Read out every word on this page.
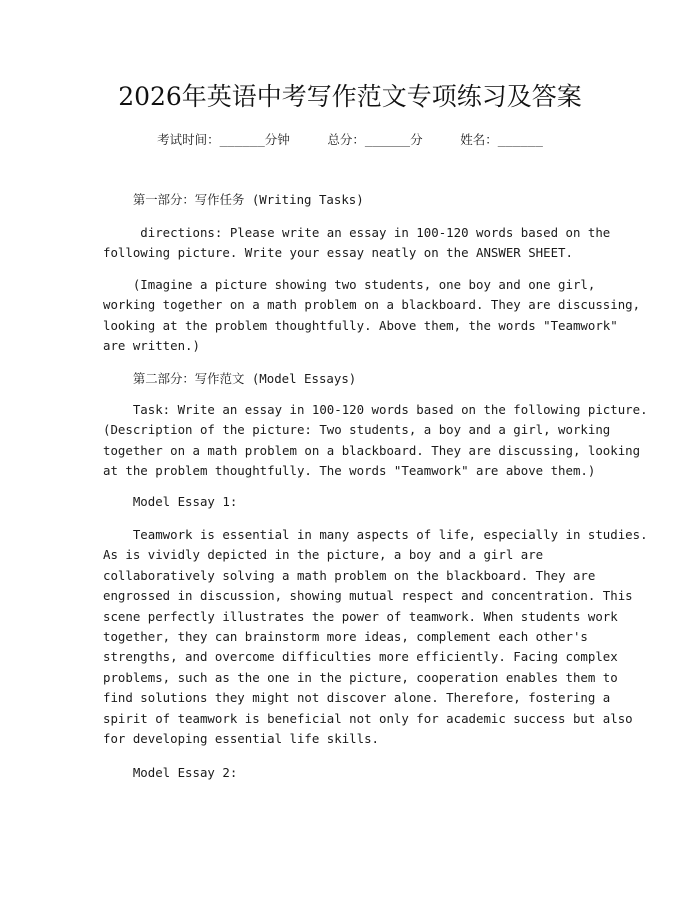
2026年英语中考写作范文专项练习及答案
考试时间：______分钟     总分：______分     姓名：______

第一部分：写作任务 (Writing Tasks)

directions: Please write an essay in 100-120 words based on the
following picture. Write your essay neatly on the ANSWER SHEET.

(Imagine a picture showing two students, one boy and one girl,
working together on a math problem on a blackboard. They are discussing,
looking at the problem thoughtfully. Above them, the words "Teamwork"
are written.)

第二部分：写作范文 (Model Essays)

Task: Write an essay in 100-120 words based on the following picture.
(Description of the picture: Two students, a boy and a girl, working
together on a math problem on a blackboard. They are discussing, looking
at the problem thoughtfully. The words "Teamwork" are above them.)

Model Essay 1:

Teamwork is essential in many aspects of life, especially in studies.
As is vividly depicted in the picture, a boy and a girl are
collaboratively solving a math problem on the blackboard. They are
engrossed in discussion, showing mutual respect and concentration. This
scene perfectly illustrates the power of teamwork. When students work
together, they can brainstorm more ideas, complement each other's
strengths, and overcome difficulties more efficiently. Facing complex
problems, such as the one in the picture, cooperation enables them to
find solutions they might not discover alone. Therefore, fostering a
spirit of teamwork is beneficial not only for academic success but also
for developing essential life skills.

Model Essay 2:
